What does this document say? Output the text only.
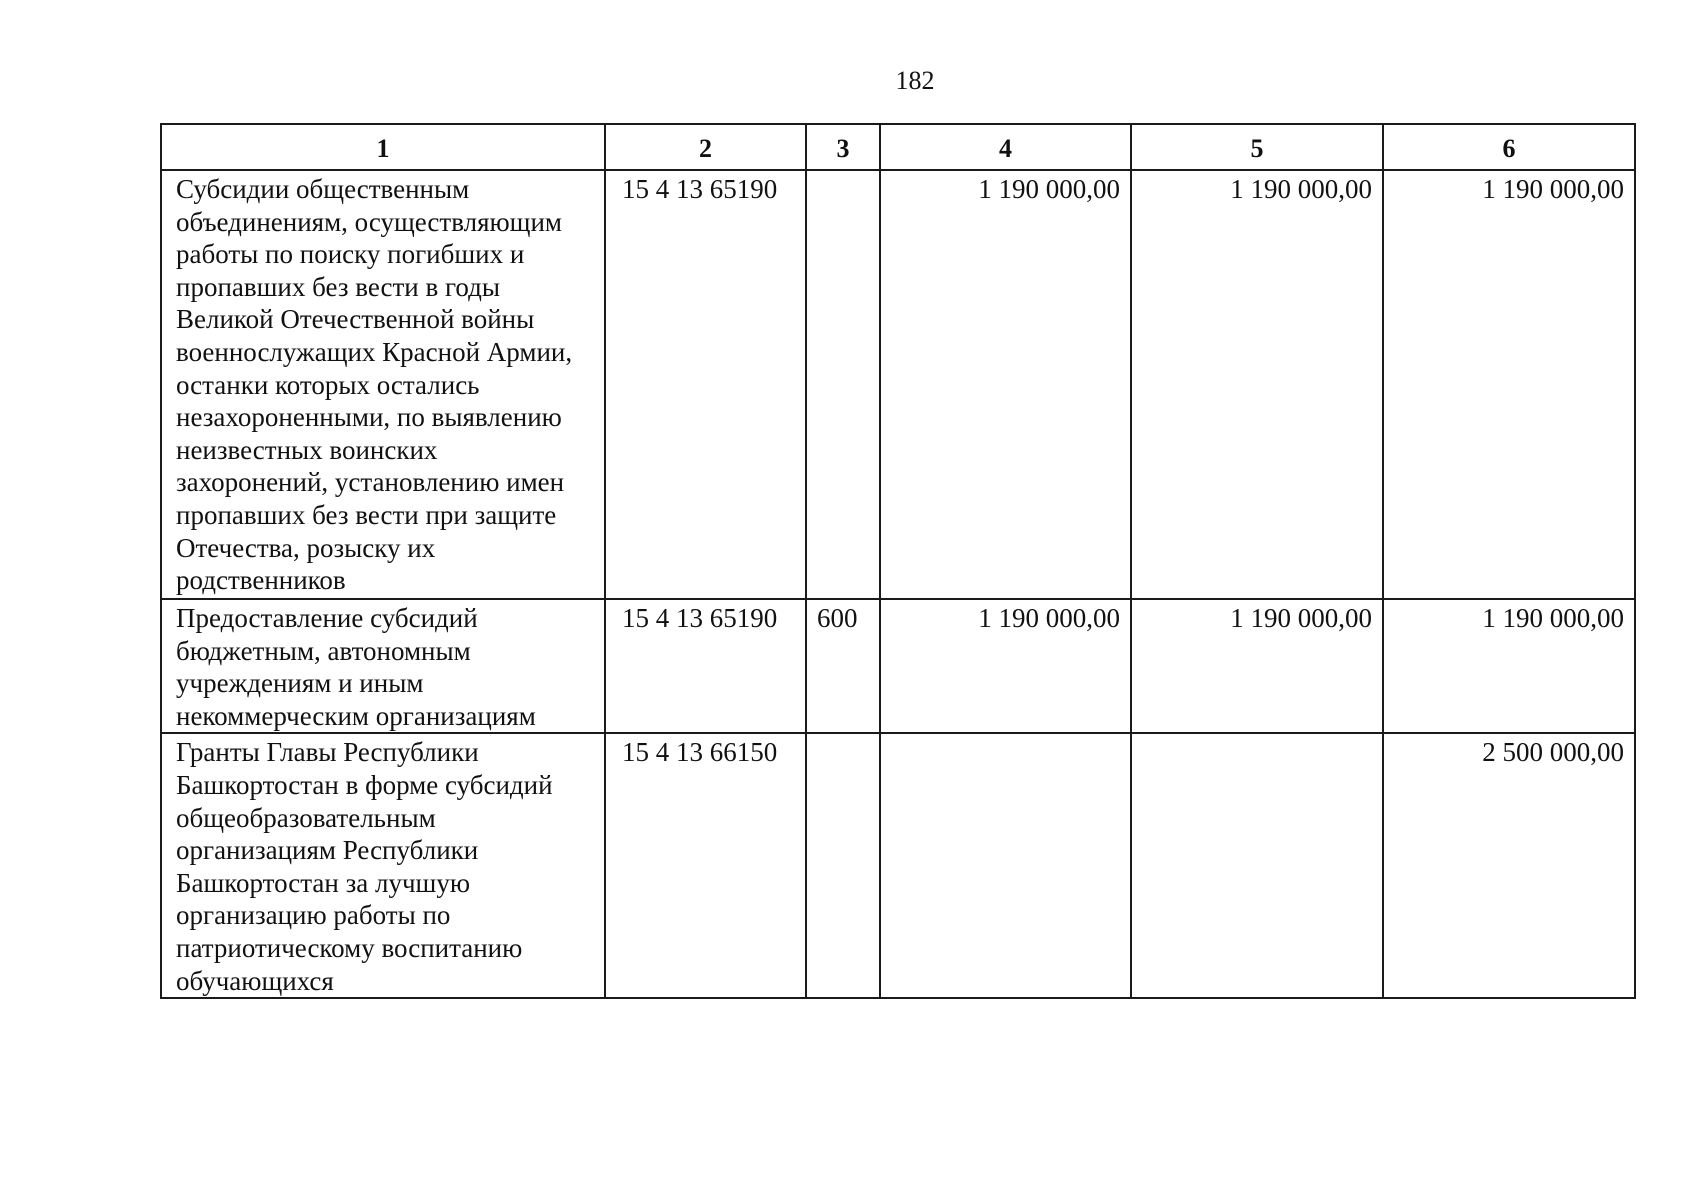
182
1	2	3	4	5	6
Субсидии общественным объединениям, осуществляющим работы по поиску погибших и пропавших без вести в годы Великой Отечественной войны военнослужащих Красной Армии, останки которых остались незахороненными, по выявлению неизвестных воинских захоронений, установлению имен пропавших без вести при защите Отечества, розыску их родственников	15 4 13 65190		1 190 000,00	1 190 000,00	1 190 000,00
Предоставление субсидий бюджетным, автономным учреждениям и иным некоммерческим организациям	15 4 13 65190	600	1 190 000,00	1 190 000,00	1 190 000,00
Гранты Главы Республики Башкортостан в форме субсидий общеобразовательным организациям Республики Башкортостан за лучшую организацию работы по патриотическому воспитанию обучающихся	15 4 13 66150				2 500 000,00
